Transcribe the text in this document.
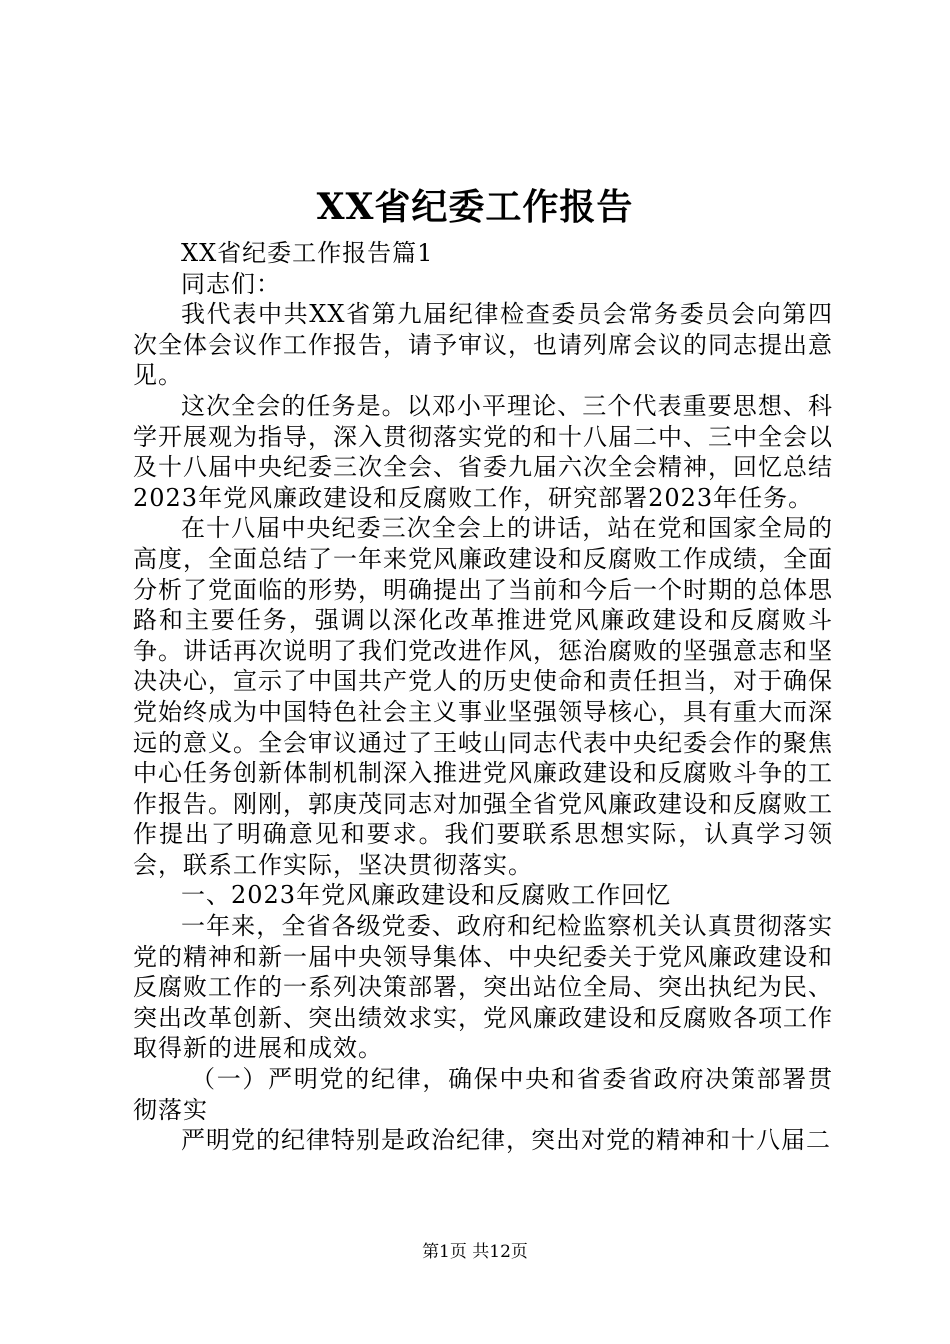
XX省纪委工作报告

XX省纪委工作报告篇1

同志们：

我代表中共XX省第九届纪律检查委员会常务委员会向第四次全体会议作工作报告，请予审议，也请列席会议的同志提出意见。

这次全会的任务是。以邓小平理论、三个代表重要思想、科学开展观为指导，深入贯彻落实党的和十八届二中、三中全会以及十八届中央纪委三次全会、省委九届六次全会精神，回忆总结2023年党风廉政建设和反腐败工作，研究部署2023年任务。

在十八届中央纪委三次全会上的讲话，站在党和国家全局的高度，全面总结了一年来党风廉政建设和反腐败工作成绩，全面分析了党面临的形势，明确提出了当前和今后一个时期的总体思路和主要任务，强调以深化改革推进党风廉政建设和反腐败斗争。讲话再次说明了我们党改进作风，惩治腐败的坚强意志和坚决决心，宣示了中国共产党人的历史使命和责任担当，对于确保党始终成为中国特色社会主义事业坚强领导核心，具有重大而深远的意义。全会审议通过了王岐山同志代表中央纪委会作的聚焦中心任务创新体制机制深入推进党风廉政建设和反腐败斗争的工作报告。刚刚，郭庚茂同志对加强全省党风廉政建设和反腐败工作提出了明确意见和要求。我们要联系思想实际，认真学习领会，联系工作实际，坚决贯彻落实。

一、2023年党风廉政建设和反腐败工作回忆

一年来，全省各级党委、政府和纪检监察机关认真贯彻落实党的精神和新一届中央领导集体、中央纪委关于党风廉政建设和反腐败工作的一系列决策部署，突出站位全局、突出执纪为民、突出改革创新、突出绩效求实，党风廉政建设和反腐败各项工作取得新的进展和成效。

（一）严明党的纪律，确保中央和省委省政府决策部署贯彻落实

严明党的纪律特别是政治纪律，突出对党的精神和十八届二

第1页 共12页
